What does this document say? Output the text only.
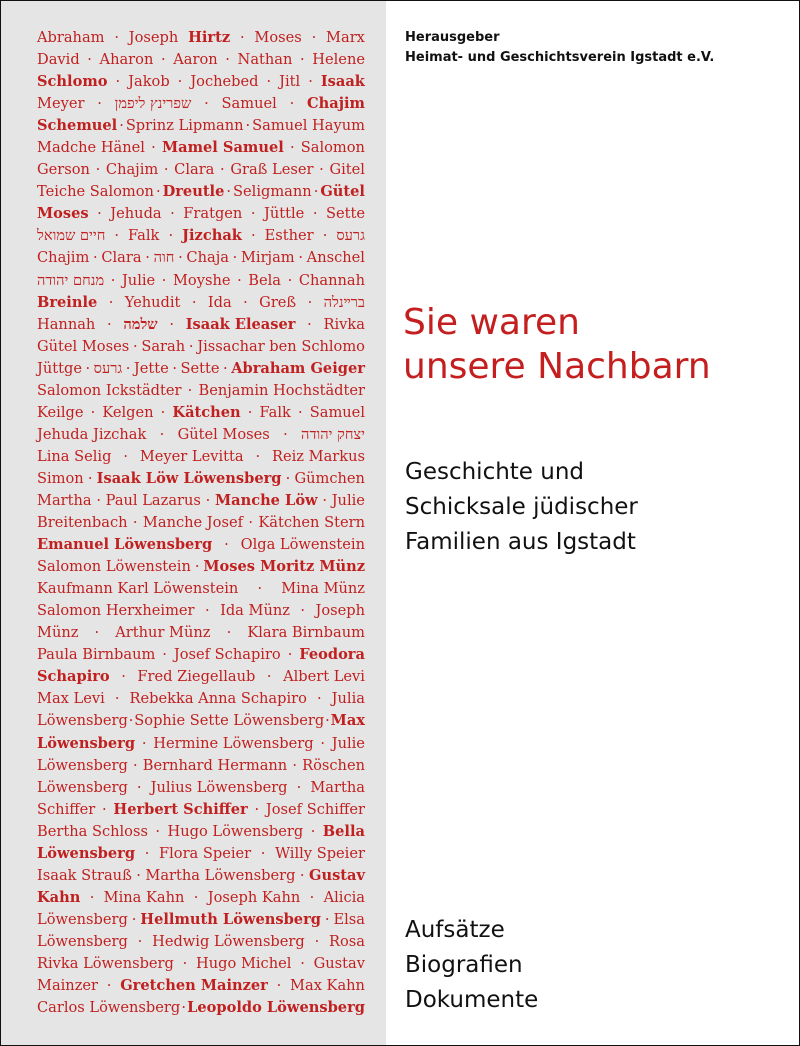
Abraham · Joseph Hirtz · Moses · Marx
David · Aharon · Aaron · Nathan · Helene
Schlomo · Jakob · Jochebed · Jitl · Isaak
Meyer · שפרינץ ליפמן · Samuel · Chajim
Schemuel · Sprinz Lipmann · Samuel Hayum
Madche Hänel · Mamel Samuel · Salomon
Gerson · Chajim · Clara · Graß Leser · Gitel
Teiche Salomon · Dreutle · Seligmann · Gütel
Moses · Jehuda · Fratgen · Jüttle · Sette
חיים שמואל · Falk · Jizchak · Esther · גרעס
Chajim · Clara · חוה · Chaja · Mirjam · Anschel
מנחם יהודה · Julie · Moyshe · Bela · Channah
Breinle · Yehudit · Ida · Greß · ברײנלה
Hannah · שלמה · Isaak Eleaser · Rivka
Gütel Moses · Sarah · Jissachar ben Schlomo
Jüttge · גרעס · Jette · Sette · Abraham Geiger
Salomon Ickstädter · Benjamin Hochstädter
Keilge · Kelgen · Kätchen · Falk · Samuel
Jehuda Jizchak · Gütel Moses · יצחק יהודה
Lina Selig · Meyer Levitta · Reiz Markus
Simon · Isaak Löw Löwensberg · Gümchen
Martha · Paul Lazarus · Manche Löw · Julie
Breitenbach · Manche Josef · Kätchen Stern
Emanuel Löwensberg · Olga Löwenstein
Salomon Löwenstein · Moses Moritz Münz
Kaufmann Karl Löwenstein · Mina Münz
Salomon Herxheimer · Ida Münz · Joseph
Münz · Arthur Münz · Klara Birnbaum
Paula Birnbaum · Josef Schapiro · Feodora
Schapiro · Fred Ziegellaub · Albert Levi
Max Levi · Rebekka Anna Schapiro · Julia
Löwensberg · Sophie Sette Löwensberg · Max
Löwensberg · Hermine Löwensberg · Julie
Löwensberg · Bernhard Hermann · Röschen
Löwensberg · Julius Löwensberg · Martha
Schiffer · Herbert Schiffer · Josef Schiffer
Bertha Schloss · Hugo Löwensberg · Bella
Löwensberg · Flora Speier · Willy Speier
Isaak Strauß · Martha Löwensberg · Gustav
Kahn · Mina Kahn · Joseph Kahn · Alicia
Löwensberg · Hellmuth Löwensberg · Elsa
Löwensberg · Hedwig Löwensberg · Rosa
Rivka Löwensberg · Hugo Michel · Gustav
Mainzer · Gretchen Mainzer · Max Kahn
Carlos Löwensberg · Leopoldo Löwensberg
Herausgeber
Heimat- und Geschichtsverein Igstadt e.V.
Sie waren
unsere Nachbarn
Geschichte und
Schicksale jüdischer
Familien aus Igstadt
Aufsätze
Biografien
Dokumente
